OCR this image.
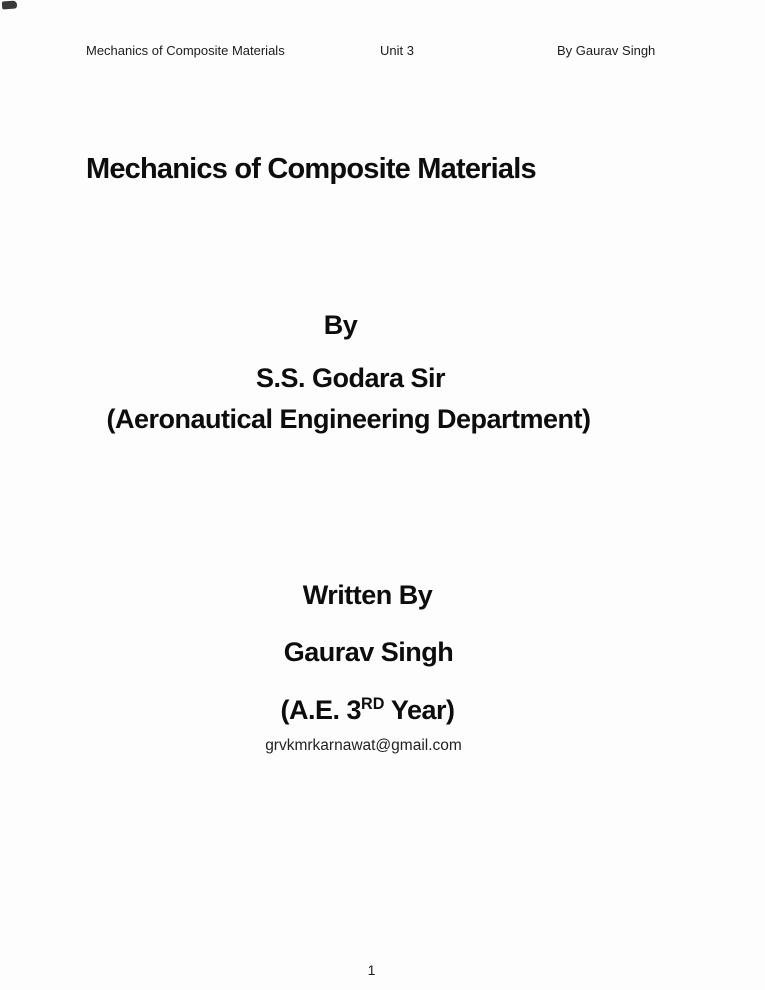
Mechanics of Composite Materials	Unit 3	By Gaurav Singh
Mechanics of Composite Materials
By
S.S. Godara Sir
(Aeronautical Engineering Department)
Written By
Gaurav Singh
(A.E. 3RD Year)
grvkmrkarnawat@gmail.com
1
